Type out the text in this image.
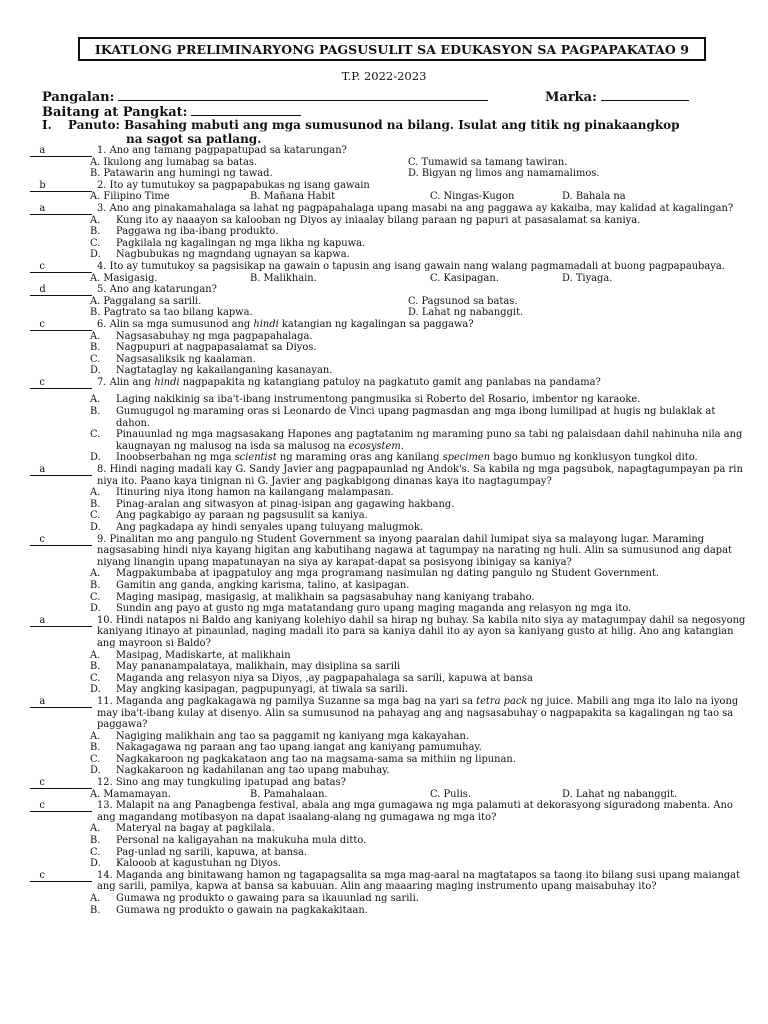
IKATLONG PRELIMINARYONG PAGSUSULIT SA EDUKASYON SA PAGPAPAKATAO 9
T.P. 2022-2023
Pangalan:	Marka:
Baitang at Pangkat:
I. Panuto: Basahing mabuti ang mga sumusunod na bilang. Isulat ang titik ng pinakaangkop
na sagot sa patlang.
a	1. Ano ang tamang pagpapatupad sa katarungan?
A. Ikulong ang lumabag sa batas.	C. Tumawid sa tamang tawiran.
B. Patawarin ang humingi ng tawad.	D. Bigyan ng limos ang namamalimos.
b	2. Ito ay tumutukoy sa pagpapabukas ng isang gawain
A. Filipino Time	B. Mañana Habit	C. Ningas-Kugon	D. Bahala na
a	3. Ano ang pinakamahalaga sa lahat ng pagpapahalaga upang masabi na ang paggawa ay kakaiba, may kalidad at kagalingan?
A. Kung ito ay naaayon sa kalooban ng Diyos ay iniaalay bilang paraan ng papuri at pasasalamat sa kaniya.
B. Paggawa ng iba-ibang produkto.
C. Pagkilala ng kagalingan ng mga likha ng kapuwa.
D. Nagbubukas ng magndang ugnayan sa kapwa.
c	4. Ito ay tumutukoy sa pagsisikap na gawain o tapusin ang isang gawain nang walang pagmamadali at buong pagpapaubaya.
A. Masigasig.	B. Malikhain.	C. Kasipagan.	D. Tiyaga.
d	5. Ano ang katarungan?
A. Paggalang sa sarili.	C. Pagsunod sa batas.
B. Pagtrato sa tao bilang kapwa.	D. Lahat ng nabanggit.
c	6. Alin sa mga sumusunod ang hindi katangian ng kagalingan sa paggawa?
A. Nagsasabuhay ng mga pagpapahalaga.
B. Nagpupuri at nagpapasalamat sa Diyos.
C. Nagsasaliksik ng kaalaman.
D. Nagtataglay ng kakailanganing kasanayan.
c	7. Alin ang hindi nagpapakita ng katangiang patuloy na pagkatuto gamit ang panlabas na pandama?
A. Laging nakikinig sa iba't-ibang instrumentong pangmusika si Roberto del Rosario, imbentor ng karaoke.
B. Gumugugol ng maraming oras si Leonardo de Vinci upang pagmasdan ang mga ibong lumilipad at hugis ng bulaklak at dahon.
C. Pinauunlad ng mga magsasakang Hapones ang pagtatanim ng maraming puno sa tabi ng palaisdaan dahil nahinuha nila ang kaugnayan ng malusog na isda sa malusog na ecosystem.
D. Inoobserbahan ng mga scientist ng maraming oras ang kanilang specimen bago bumuo ng konklusyon tungkol dito.
a	8. Hindi naging madali kay G. Sandy Javier ang pagpapaunlad ng Andok's. Sa kabila ng mga pagsubok, napagtagumpayan pa rin niya ito. Paano kaya tinignan ni G. Javier ang pagkabigong dinanas kaya ito nagtagumpay?
A. Itinuring niya itong hamon na kailangang malampasan.
B. Pinag-aralan ang sitwasyon at pinag-isipan ang gagawing hakbang.
C. Ang pagkabigo ay paraan ng pagsusulit sa kaniya.
D. Ang pagkadapa ay hindi senyales upang tuluyang malugmok.
c	9. Pinalitan mo ang pangulo ng Student Government sa inyong paaralan dahil lumipat siya sa malayong lugar. Maraming nagsasabing hindi niya kayang higitan ang kabutihang nagawa at tagumpay na narating ng huli. Alin sa sumusunod ang dapat niyang linangin upang mapatunayan na siya ay karapat-dapat sa posisyong ibinigay sa kaniya?
A. Magpakumbaba at ipagpatuloy ang mga programang nasimulan ng dating pangulo ng Student Government.
B. Gamitin ang ganda, angking karisma, talino, at kasipagan.
C. Maging masipag, masigasig, at malikhain sa pagsasabuhay nang kaniyang trabaho.
D. Sundin ang payo at gusto ng mga matatandang guro upang maging maganda ang relasyon ng mga ito.
a	10. Hindi natapos ni Baldo ang kaniyang kolehiyo dahil sa hirap ng buhay. Sa kabila nito siya ay matagumpay dahil sa negosyong kaniyang itinayo at pinaunlad, naging madali ito para sa kaniya dahil ito ay ayon sa kaniyang gusto at hilig. Ano ang katangian ang mayroon si Baldo?
A. Masipag, Madiskarte, at malikhain
B. May pananampalataya, malikhain, may disiplina sa sarili
C. Maganda ang relasyon niya sa Diyos, ,ay pagpapahalaga sa sarili, kapuwa at bansa
D. May angking kasipagan, pagpupunyagi, at tiwala sa sarili.
a	11. Maganda ang pagkakagawa ng pamilya Suzanne sa mga bag na yari sa tetra pack ng juice. Mabili ang mga ito lalo na iyong may iba't-ibang kulay at disenyo. Alin sa sumusunod na pahayag ang ang nagsasabuhay o nagpapakita sa kagalingan ng tao sa paggawa?
A. Nagiging malikhain ang tao sa paggamit ng kaniyang mga kakayahan.
B. Nakagagawa ng paraan ang tao upang iangat ang kaniyang pamumuhay.
C. Nagkakaroon ng pagkakataon ang tao na magsama-sama sa mithiin ng lipunan.
D. Nagkakaroon ng kadahilanan ang tao upang mabuhay.
c	12. Sino ang may tungkuling ipatupad ang batas?
A. Mamamayan.	B. Pamahalaan.	C. Pulis.	D. Lahat ng nabanggit.
c	13. Malapit na ang Panagbenga festival, abala ang mga gumagawa ng mga palamuti at dekorasyong siguradong mabenta. Ano ang magandang motibasyon na dapat isaalang-alang ng gumagawa ng mga ito?
A. Materyal na bagay at pagkilala.
B. Personal na kaligayahan na makukuha mula ditto.
C. Pag-unlad ng sarili, kapuwa, at bansa.
D. Kalooob at kagustuhan ng Diyos.
c	14. Maganda ang binitawang hamon ng tagapagsalita sa mga mag-aaral na magtatapos sa taong ito bilang susi upang maiangat ang sarili, pamilya, kapwa at bansa sa kabuuan. Alin ang maaaring maging instrumento upang maisabuhay ito?
A. Gumawa ng produkto o gawaing para sa ikauunlad ng sarili.
B. Gumawa ng produkto o gawain na pagkakakitaan.
